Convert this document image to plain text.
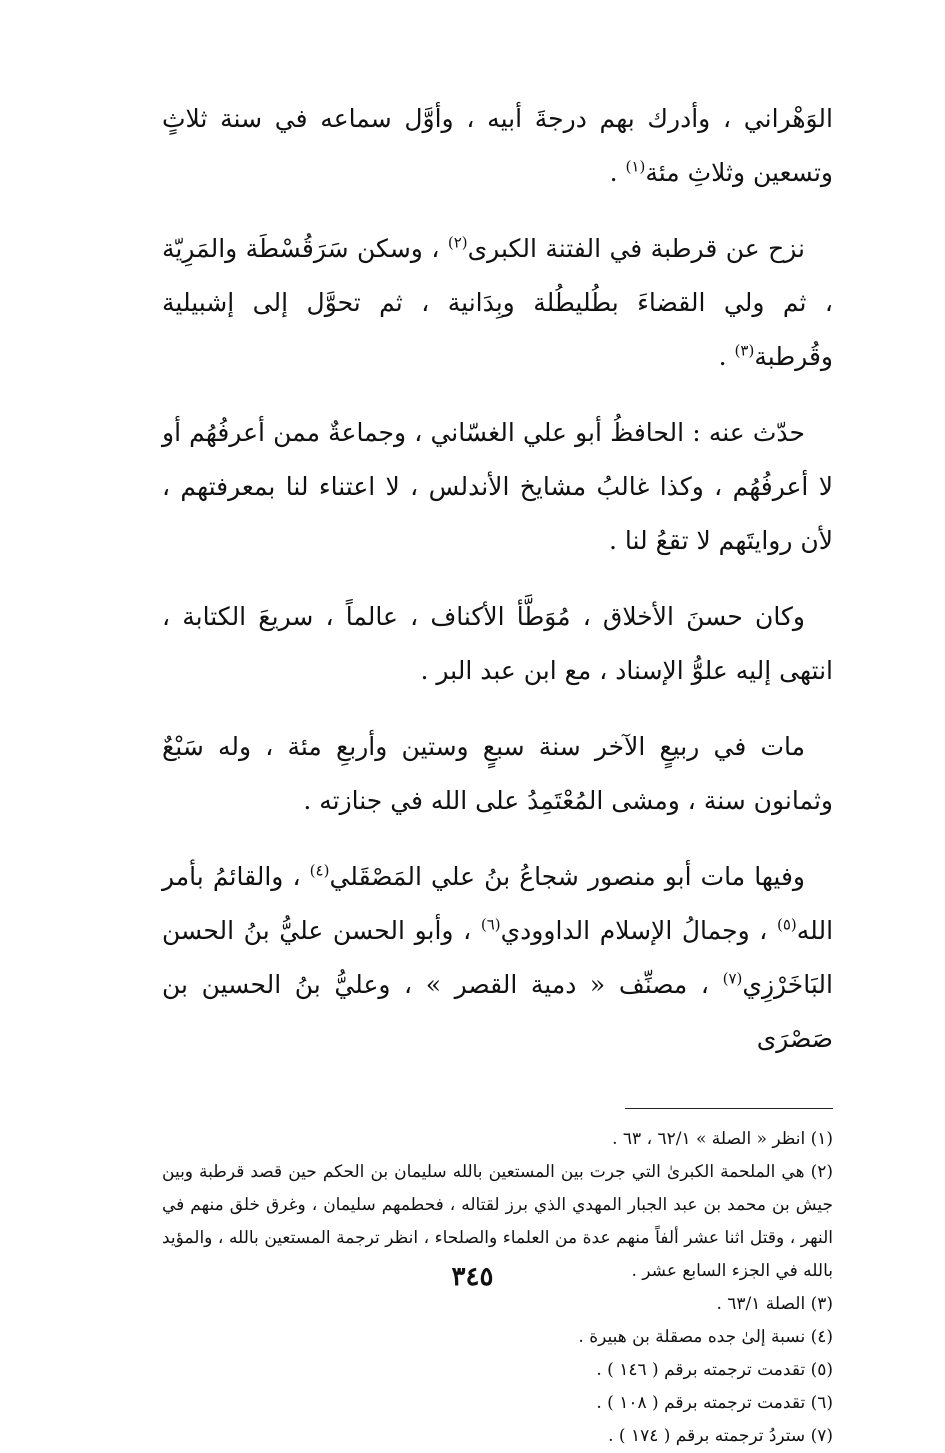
الوَهْراني ، وأدرك بهم درجةَ أبيه ، وأوَّل سماعه في سنة ثلاثٍ وتسعين وثلاثِ مئة$^{(١)}$ .

نزح عن قرطبة في الفتنة الكبرى$^{(٢)}$ ، وسكن سَرَقُسْطَة والمَرِيّة ، ثم ولي القضاءَ بطُليطُلة وبِدَانية ، ثم تحوَّل إلى إشبيلية وقُرطبة$^{(٣)}$ .

حدّث عنه : الحافظُ أبو علي الغسّاني ، وجماعةٌ ممن أعرفُهُم أو لا أعرفُهُم ، وكذا غالبُ مشايخ الأندلس ، لا اعتناء لنا بمعرفتهم ، لأن روايتَهم لا تقعُ لنا .

وكان حسنَ الأخلاق ، مُوَطَّأ الأكناف ، عالماً ، سريعَ الكتابة ، انتهى إليه علوُّ الإسناد ، مع ابن عبد البر .

مات في ربيعٍ الآخر سنة سبعٍ وستين وأربعِ مئة ، وله سَبْعٌ وثمانون سنة ، ومشى المُعْتَمِدُ على الله في جنازته .

وفيها مات أبو منصور شجاعُ بنُ علي المَصْقَلي$^{(٤)}$ ، والقائمُ بأمر الله$^{(٥)}$ ، وجمالُ الإسلام الداوودي$^{(٦)}$ ، وأبو الحسن عليُّ بنُ الحسن البَاخَرْزِي$^{(٧)}$ ، مصنِّف « دمية القصر » ، وعليُّ بنُ الحسين بن صَصْرَى

(١) انظر « الصلة » ٦٢/١ ، ٦٣ .

(٢) هي الملحمة الكبرىٰ التي جرت بين المستعين بالله سليمان بن الحكم حين قصد قرطبة وبين جيش بن محمد بن عبد الجبار المهدي الذي برز لقتاله ، فحطمهم سليمان ، وغرق خلق منهم في النهر ، وقتل اثنا عشر ألفاً منهم عدة من العلماء والصلحاء ، انظر ترجمة المستعين بالله ، والمؤيد بالله في الجزء السابع عشر .

(٣) الصلة ٦٣/١ .

(٤) نسبة إلىٰ جده مصقلة بن هبيرة .

(٥) تقدمت ترجمته برقم ( ١٤٦ ) .

(٦) تقدمت ترجمته برقم ( ١٠٨ ) .

(٧) ستردُ ترجمته برقم ( ١٧٤ ) .

٣٤٥
